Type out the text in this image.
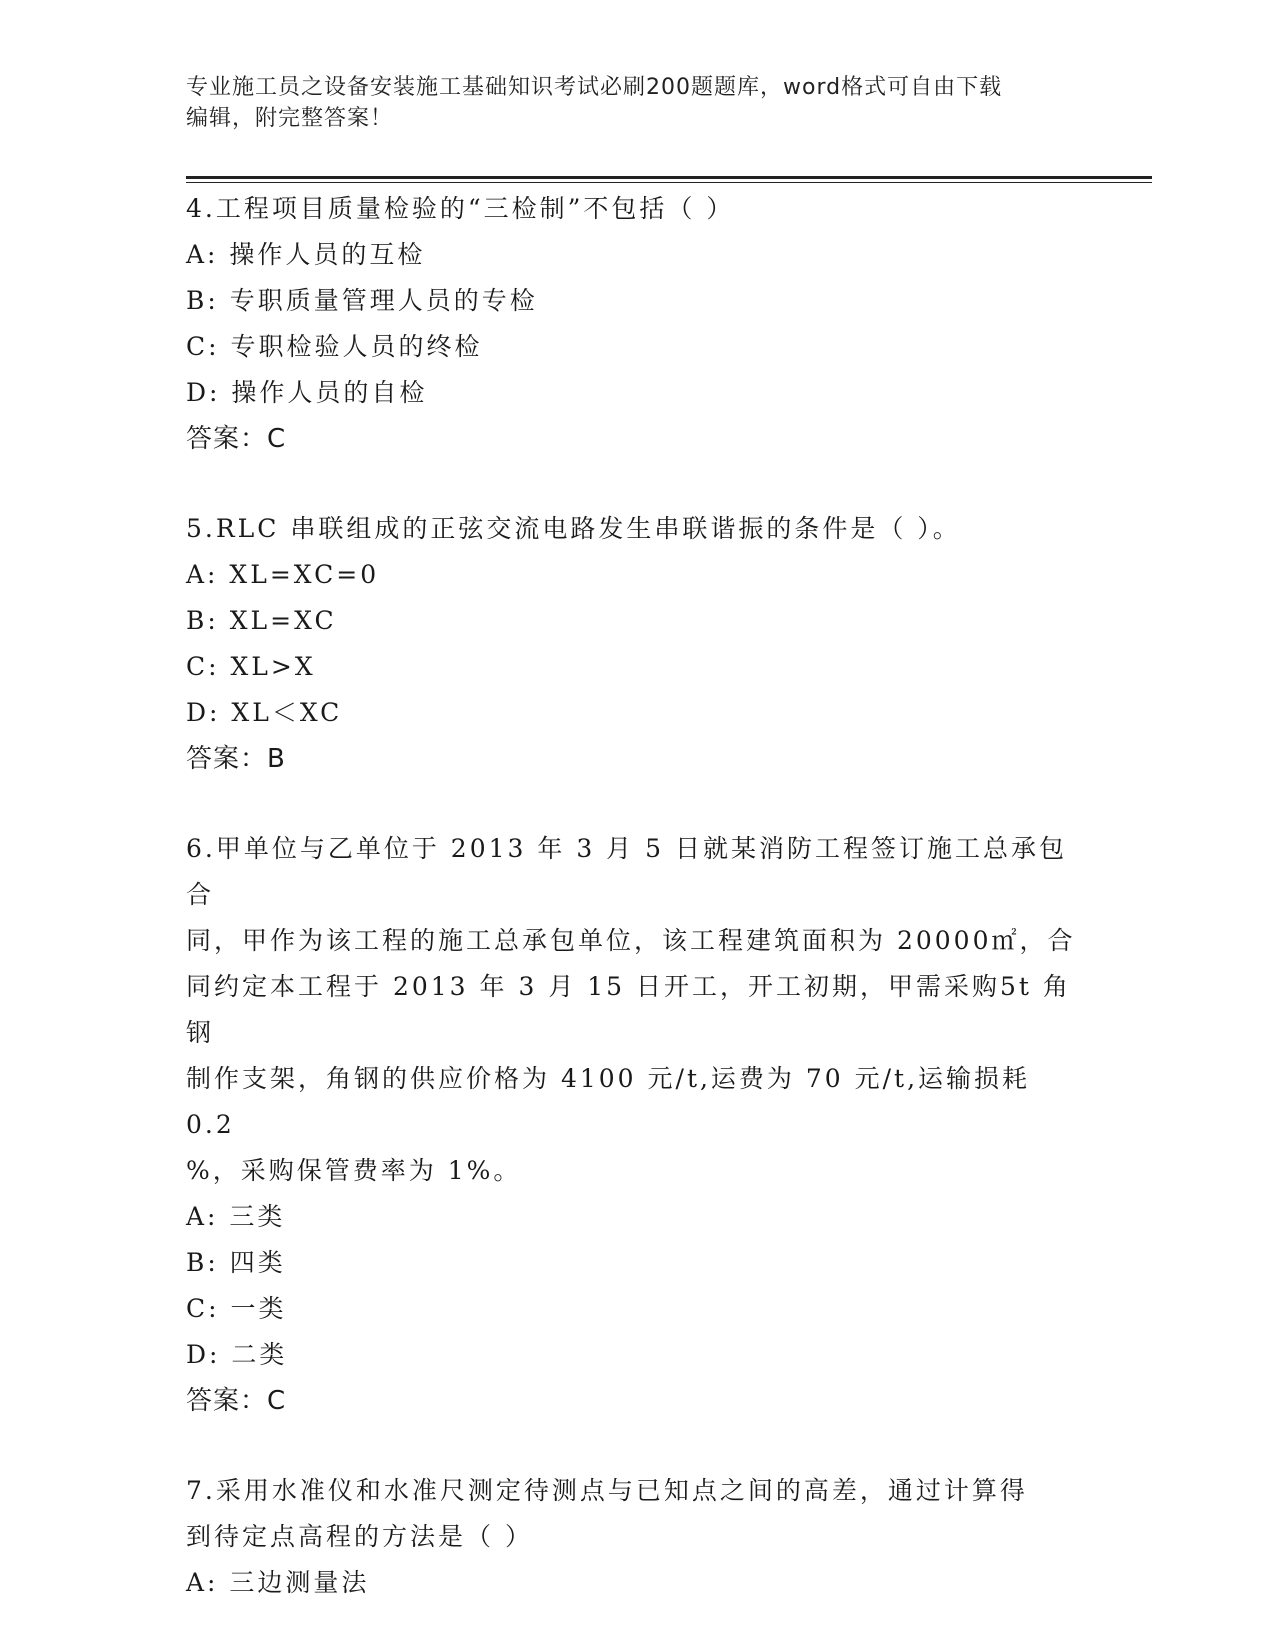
专业施工员之设备安装施工基础知识考试必刷200题题库，word格式可自由下载
编辑，附完整答案！
4.工程项目质量检验的“三检制”不包括（ ）
A: 操作人员的互检
B: 专职质量管理人员的专检
C: 专职检验人员的终检
D: 操作人员的自检
答案：C
5.RLC 串联组成的正弦交流电路发生串联谐振的条件是（ ）。
A: XL=XC=0
B: XL=XC
C: XL>X
D: XL＜XC
答案：B
6.甲单位与乙单位于 2013 年 3 月 5 日就某消防工程签订施工总承包合
同，甲作为该工程的施工总承包单位，该工程建筑面积为 20000㎡，合
同约定本工程于 2013 年 3 月 15 日开工，开工初期，甲需采购5t 角钢
制作支架，角钢的供应价格为 4100 元/t,运费为 70 元/t,运输损耗 0.2
%，采购保管费率为 1%。
A: 三类
B: 四类
C: 一类
D: 二类
答案：C
7.采用水准仪和水准尺测定待测点与已知点之间的高差，通过计算得
到待定点高程的方法是（ ）
A: 三边测量法
